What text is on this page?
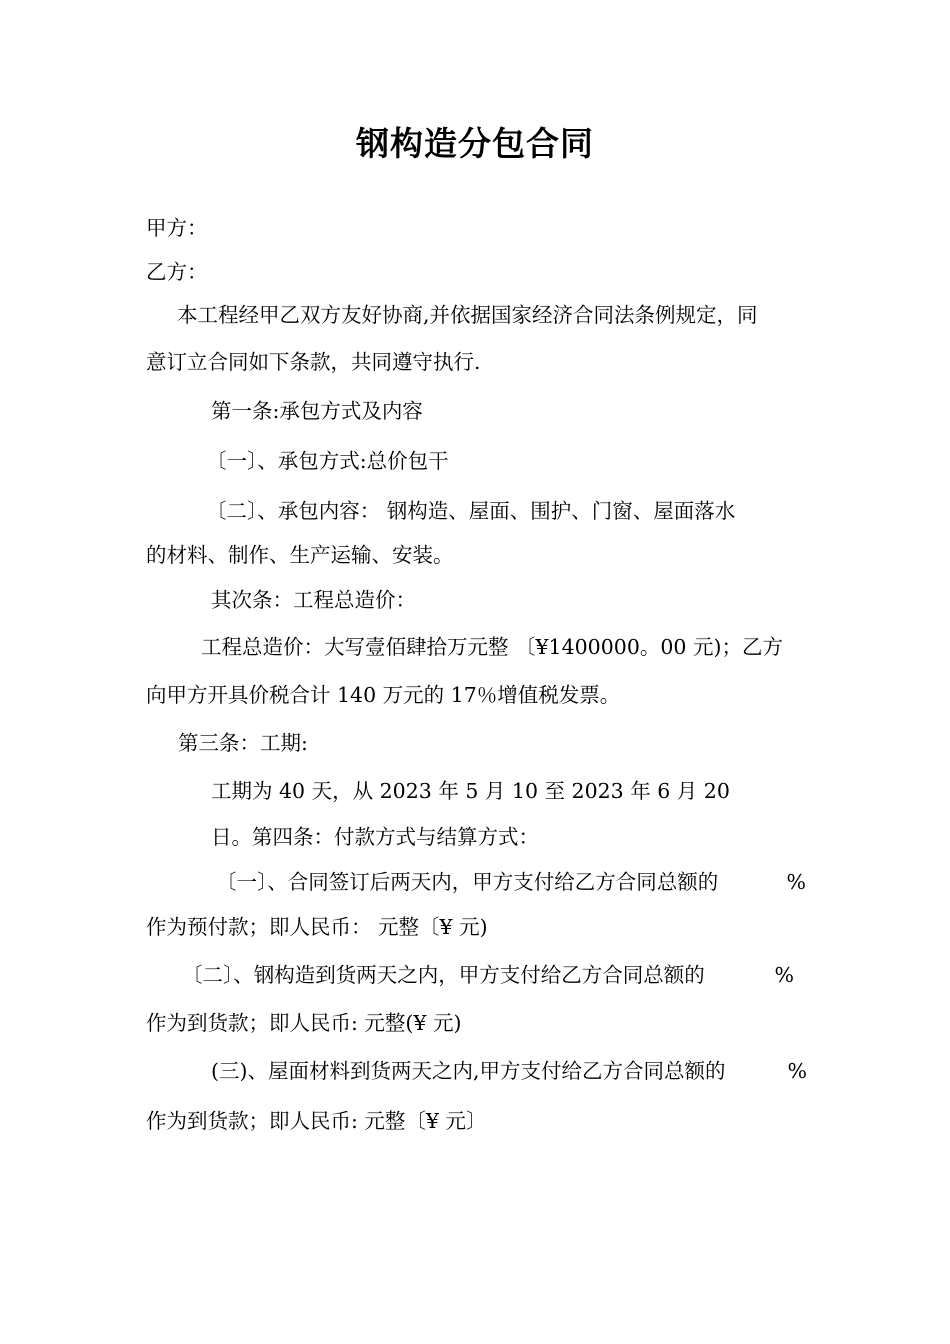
钢构造分包合同
甲方：
乙方：
本工程经甲乙双方友好协商,并依据国家经济合同法条例规定，同
意订立合同如下条款，共同遵守执行.
第一条:承包方式及内容
〔一〕、承包方式:总价包干
〔二〕、承包内容： 钢构造、屋面、围护、门窗、屋面落水
的材料、制作、生产运输、安装。
其次条：工程总造价：
工程总造价：大写壹佰肆拾万元整 〔¥1400000。00 元)；乙方
向甲方开具价税合计 140 万元的 17％增值税发票。
第三条：工期:
工期为 40 天，从 2023 年 5 月 10 至 2023 年 6 月 20
日。第四条：付款方式与结算方式：
〔一〕、合同签订后两天内，甲方支付给乙方合同总额的	%
作为预付款；即人民币： 元整〔¥ 元)
〔二〕、钢构造到货两天之内，甲方支付给乙方合同总额的	%
作为到货款；即人民币: 元整(¥ 元)
(三)、屋面材料到货两天之内,甲方支付给乙方合同总额的	%
作为到货款；即人民币: 元整〔¥ 元〕
